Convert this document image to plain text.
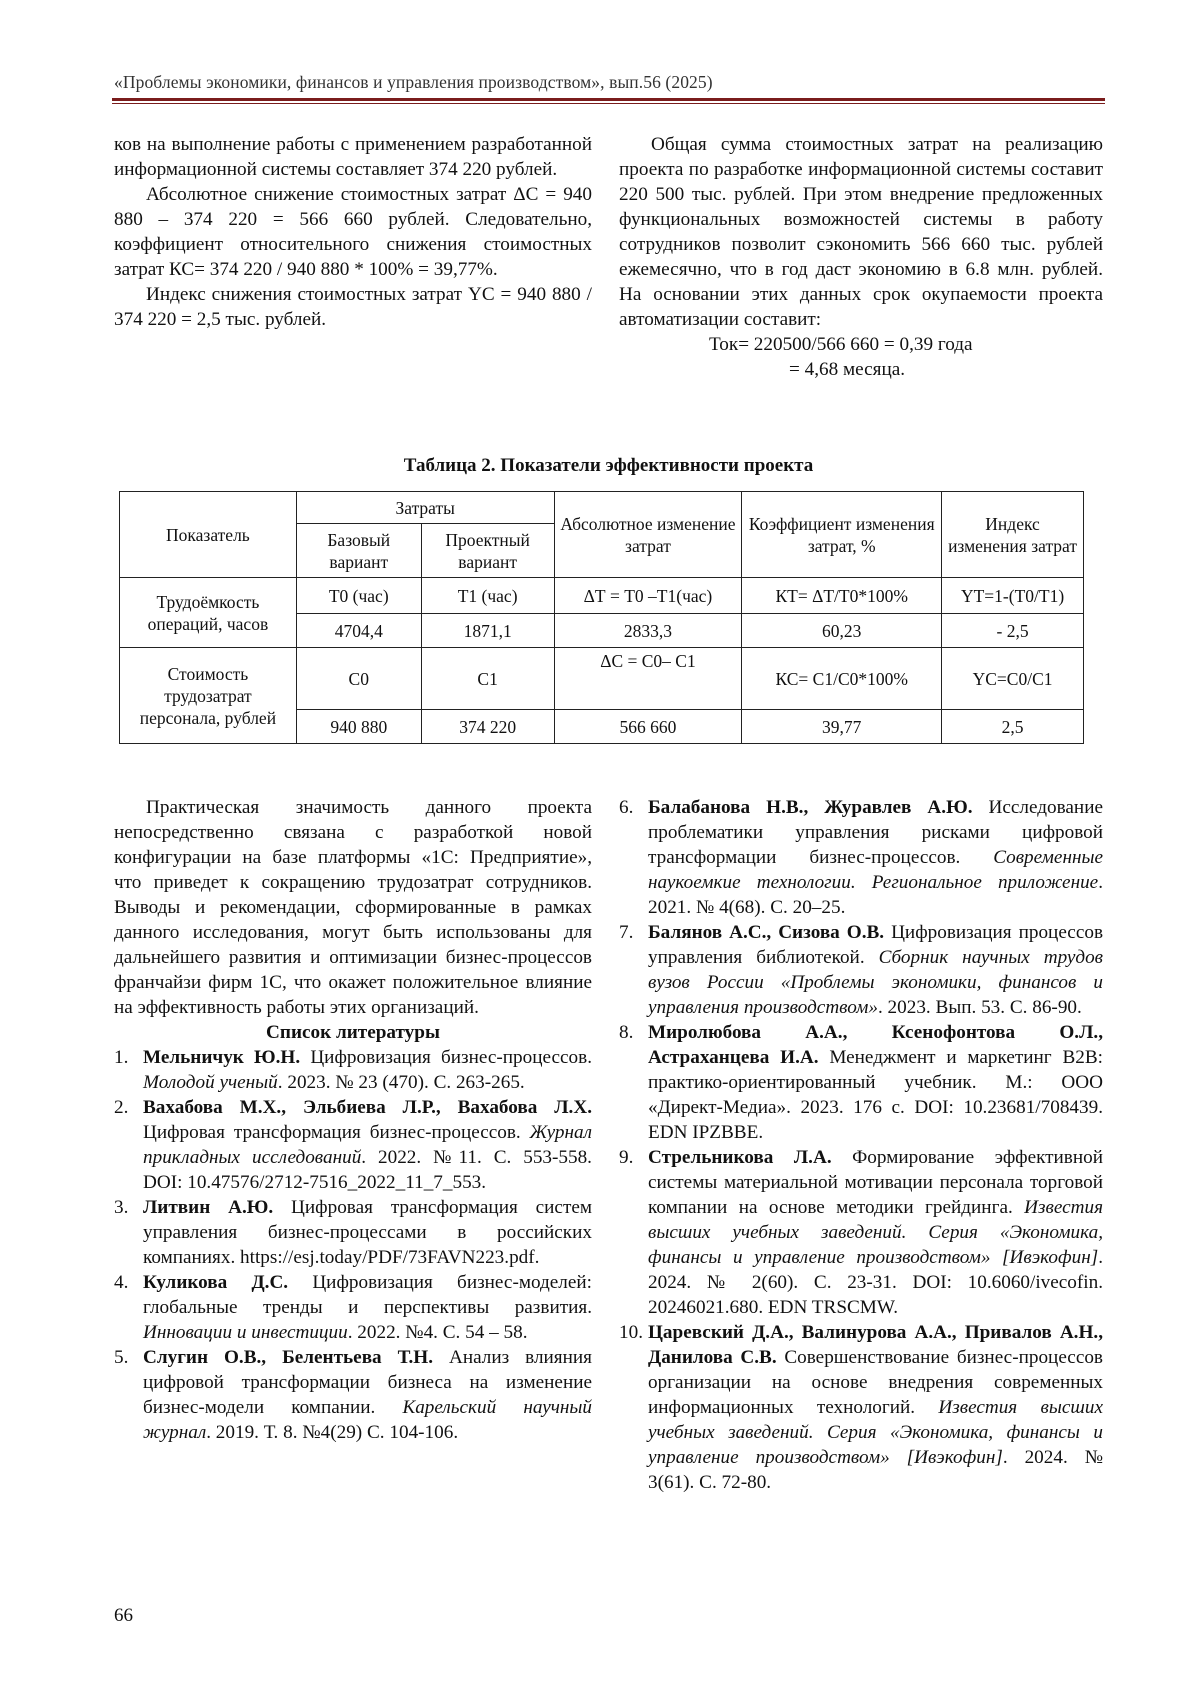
«Проблемы экономики, финансов и управления производством», вып.56 (2025)

ков на выполнение работы с применением разработанной информационной системы составляет 374 220 рублей.

Абсолютное снижение стоимостных затрат ΔС = 940 880 – 374 220 = 566 660 рублей. Следовательно, коэффициент относительного снижения стоимостных затрат КС= 374 220 / 940 880 * 100% = 39,77%.

Индекс снижения стоимостных затрат YС = 940 880 / 374 220 = 2,5 тыс. рублей.

Общая сумма стоимостных затрат на реализацию проекта по разработке информационной системы составит 220 500 тыс. рублей. При этом внедрение предложенных функциональных возможностей системы в работу сотрудников позволит сэкономить 566 660 тыс. рублей ежемесячно, что в год даст экономию в 6.8 млн. рублей. На основании этих данных срок окупаемости проекта автоматизации составит:

Ток= 220500/566 660 = 0,39 года

= 4,68 месяца.

Таблица 2. Показатели эффективности проекта
Показатель	Затраты		Абсолютное изменение затрат	Коэффициент изменения затрат, %	Индекс изменения затрат
	Базовый вариант	Проектный вариант			
Трудоёмкость операций, часов	Т0 (час)	Т1 (час)	ΔТ = Т0 –Т1(час)	КТ= ΔТ/Т0*100%	YТ=1-(Т0/Т1)
	4704,4	1871,1	2833,3	60,23	- 2,5
Стоимость трудозатрат персонала, рублей	С0	С1	ΔС = С0– С1	КС= С1/С0*100%	YС=С0/С1
	940 880	374 220	566 660	39,77	2,5

Практическая значимость данного проекта непосредственно связана с разработкой новой конфигурации на базе платформы «1С: Предприятие», что приведет к сокращению трудозатрат сотрудников. Выводы и рекомендации, сформированные в рамках данного исследования, могут быть использованы для дальнейшего развития и оптимизации бизнес-процессов франчайзи фирм 1С, что окажет положительное влияние на эффективность работы этих организаций.

Список литературы

1. Мельничук Ю.Н. Цифровизация бизнес-процессов. Молодой ученый. 2023. № 23 (470). С. 263-265.
2. Вахабова М.Х., Эльбиева Л.Р., Вахабова Л.Х. Цифровая трансформация бизнес-процессов. Журнал прикладных исследований. 2022. №11. С. 553-558. DOI: 10.47576/2712-7516_2022_11_7_553.
3. Литвин А.Ю. Цифровая трансформация систем управления бизнес-процессами в российских компаниях. https://esj.today/PDF/73FAVN223.pdf.
4. Куликова Д.С. Цифровизация бизнес-моделей: глобальные тренды и перспективы развития. Инновации и инвестиции. 2022. №4. С. 54 – 58.
5. Слугин О.В., Белентьева Т.Н. Анализ влияния цифровой трансформации бизнеса на изменение бизнес-модели компании. Карельский научный журнал. 2019. Т. 8. №4(29) С. 104-106.
6. Балабанова Н.В., Журавлев А.Ю. Исследование проблематики управления рисками цифровой трансформации бизнес-процессов. Современные наукоемкие технологии. Региональное приложение. 2021. № 4(68). С. 20–25.
7. Балянов А.С., Сизова О.В. Цифровизация процессов управления библиотекой. Сборник научных трудов вузов России «Проблемы экономики, финансов и управления производством». 2023. Вып. 53. С. 86-90.
8. Миролюбова А.А., Ксенофонтова О.Л., Астраханцева И.А. Менеджмент и маркетинг B2B: практико-ориентированный учебник. М.: ООО «Директ-Медиа». 2023. 176 с. DOI: 10.23681/708439. EDN IPZBBE.
9. Стрельникова Л.А. Формирование эффективной системы материальной мотивации персонала торговой компании на основе методики грейдинга. Известия высших учебных заведений. Серия «Экономика, финансы и управление производством» [Ивэкофин]. 2024. № 2(60). С. 23-31. DOI: 10.6060/ivecofin. 20246021.680. EDN TRSCMW.
10. Царевский Д.А., Валинурова А.А., Привалов А.Н., Данилова С.В. Совершенствование бизнес-процессов организации на основе внедрения современных информационных технологий. Известия высших учебных заведений. Серия «Экономика, финансы и управление производством» [Ивэкофин]. 2024. № 3(61). С. 72-80.
66
